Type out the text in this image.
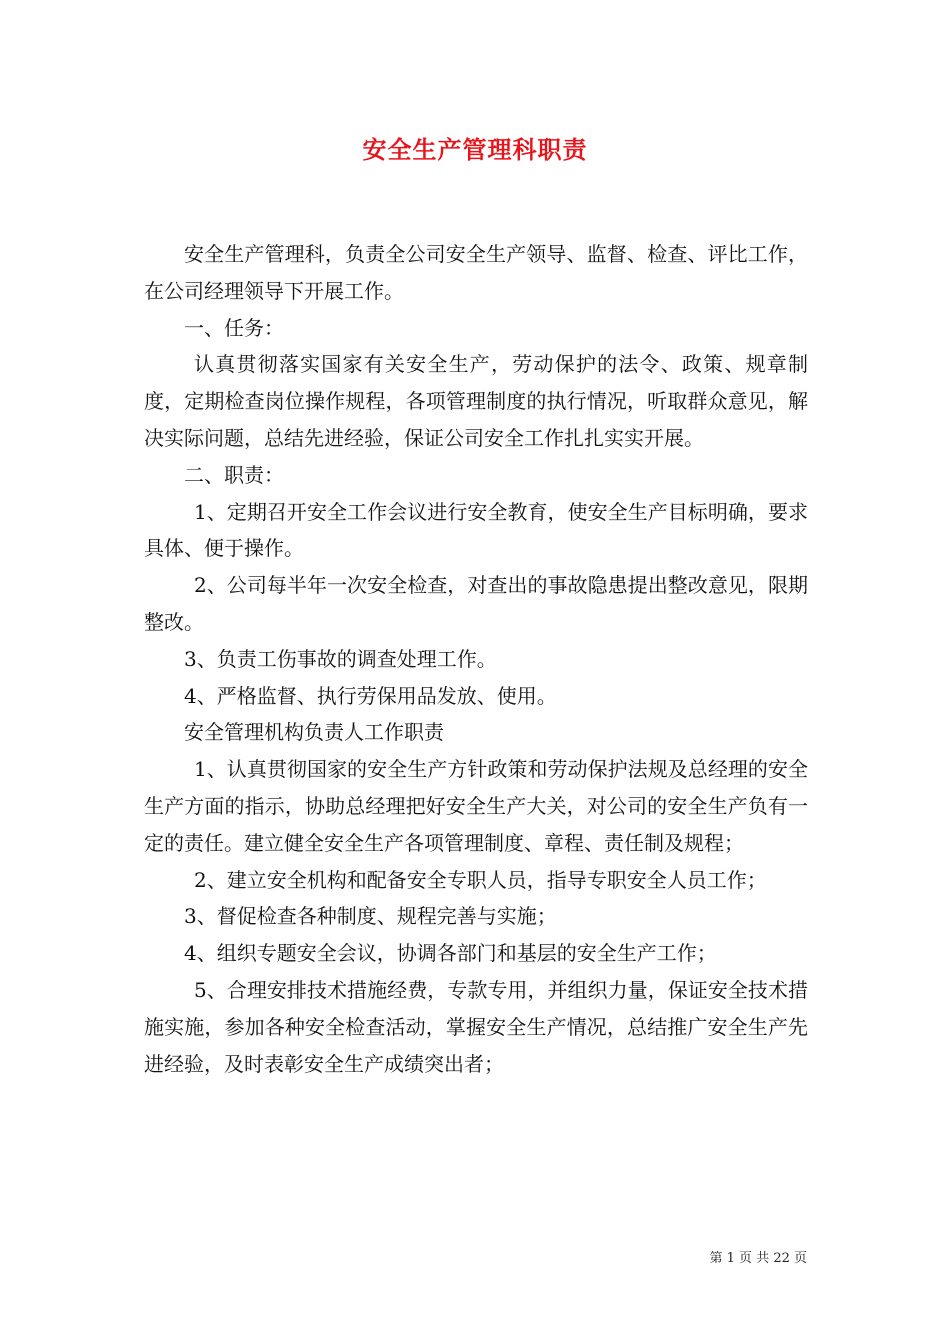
安全生产管理科职责

安全生产管理科，负责全公司安全生产领导、监督、检查、评比工作，在公司经理领导下开展工作。

一、任务：

认真贯彻落实国家有关安全生产，劳动保护的法令、政策、规章制度，定期检查岗位操作规程，各项管理制度的执行情况，听取群众意见，解决实际问题，总结先进经验，保证公司安全工作扎扎实实开展。

二、职责：

1、定期召开安全工作会议进行安全教育，使安全生产目标明确，要求具体、便于操作。

2、公司每半年一次安全检查，对查出的事故隐患提出整改意见，限期整改。

3、负责工伤事故的调查处理工作。

4、严格监督、执行劳保用品发放、使用。

安全管理机构负责人工作职责

1、认真贯彻国家的安全生产方针政策和劳动保护法规及总经理的安全生产方面的指示，协助总经理把好安全生产大关，对公司的安全生产负有一定的责任。建立健全安全生产各项管理制度、章程、责任制及规程；

2、建立安全机构和配备安全专职人员，指导专职安全人员工作；

3、督促检查各种制度、规程完善与实施；

4、组织专题安全会议，协调各部门和基层的安全生产工作；

5、合理安排技术措施经费，专款专用，并组织力量，保证安全技术措施实施，参加各种安全检查活动，掌握安全生产情况，总结推广安全生产先进经验，及时表彰安全生产成绩突出者；

第 1 页 共 22 页
